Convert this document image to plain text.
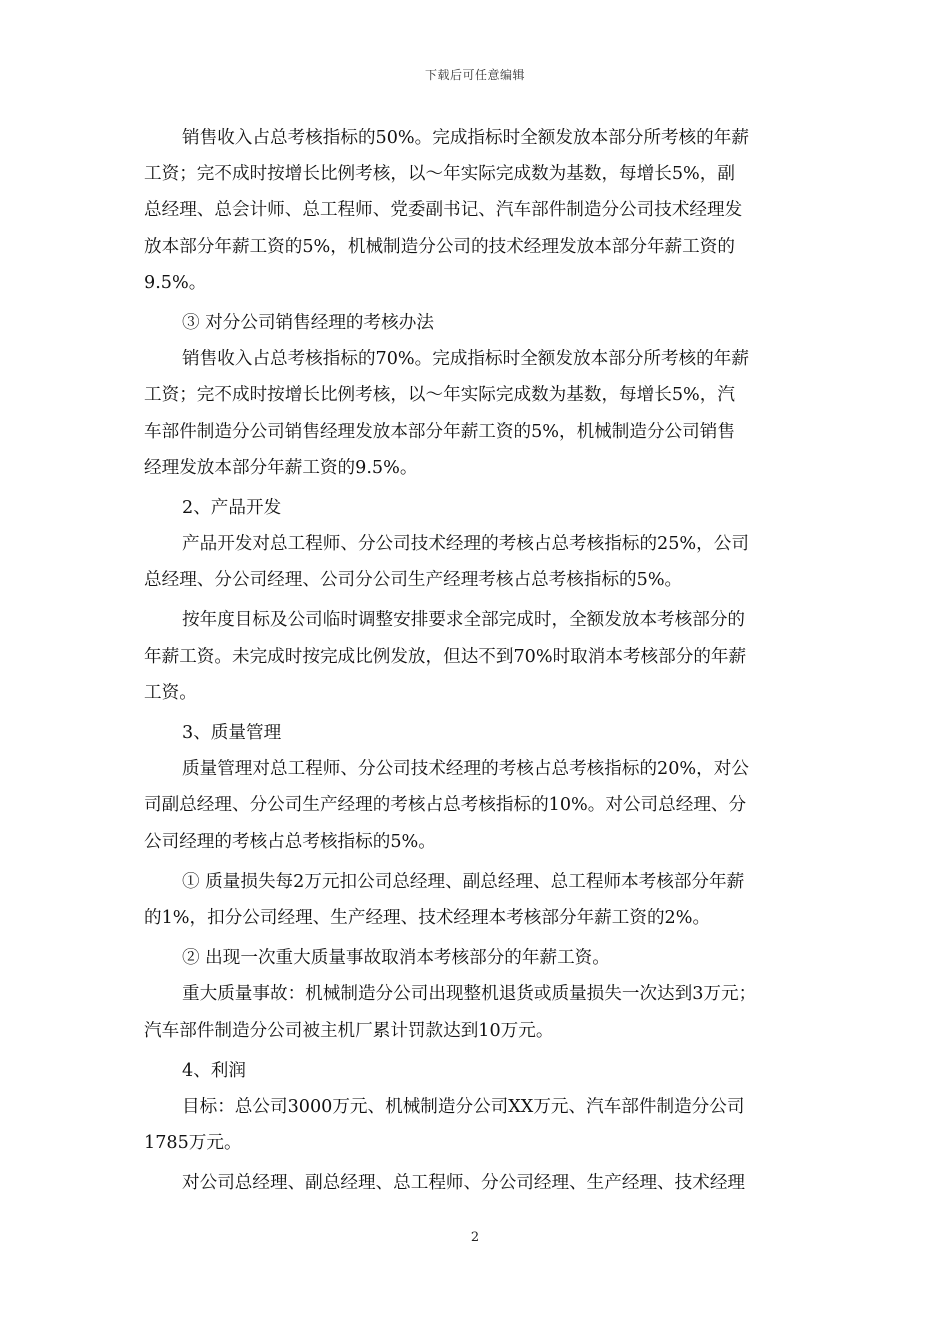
下载后可任意编辑
销售收入占总考核指标的50%。完成指标时全额发放本部分所考核的年薪
工资；完不成时按增长比例考核，以～年实际完成数为基数，每增长5%，副
总经理、总会计师、总工程师、党委副书记、汽车部件制造分公司技术经理发
放本部分年薪工资的5%，机械制造分公司的技术经理发放本部分年薪工资的
9.5%。
③ 对分公司销售经理的考核办法
销售收入占总考核指标的70%。完成指标时全额发放本部分所考核的年薪
工资；完不成时按增长比例考核，以～年实际完成数为基数，每增长5%，汽
车部件制造分公司销售经理发放本部分年薪工资的5%，机械制造分公司销售
经理发放本部分年薪工资的9.5%。
2、产品开发
产品开发对总工程师、分公司技术经理的考核占总考核指标的25%，公司
总经理、分公司经理、公司分公司生产经理考核占总考核指标的5%。
按年度目标及公司临时调整安排要求全部完成时，全额发放本考核部分的
年薪工资。未完成时按完成比例发放，但达不到70%时取消本考核部分的年薪
工资。
3、质量管理
质量管理对总工程师、分公司技术经理的考核占总考核指标的20%，对公
司副总经理、分公司生产经理的考核占总考核指标的10%。对公司总经理、分
公司经理的考核占总考核指标的5%。
① 质量损失每2万元扣公司总经理、副总经理、总工程师本考核部分年薪
的1%，扣分公司经理、生产经理、技术经理本考核部分年薪工资的2%。
② 出现一次重大质量事故取消本考核部分的年薪工资。
重大质量事故：机械制造分公司出现整机退货或质量损失一次达到3万元；
汽车部件制造分公司被主机厂累计罚款达到10万元。
4、利润
目标：总公司3000万元、机械制造分公司XX万元、汽车部件制造分公司
1785万元。
对公司总经理、副总经理、总工程师、分公司经理、生产经理、技术经理
2
